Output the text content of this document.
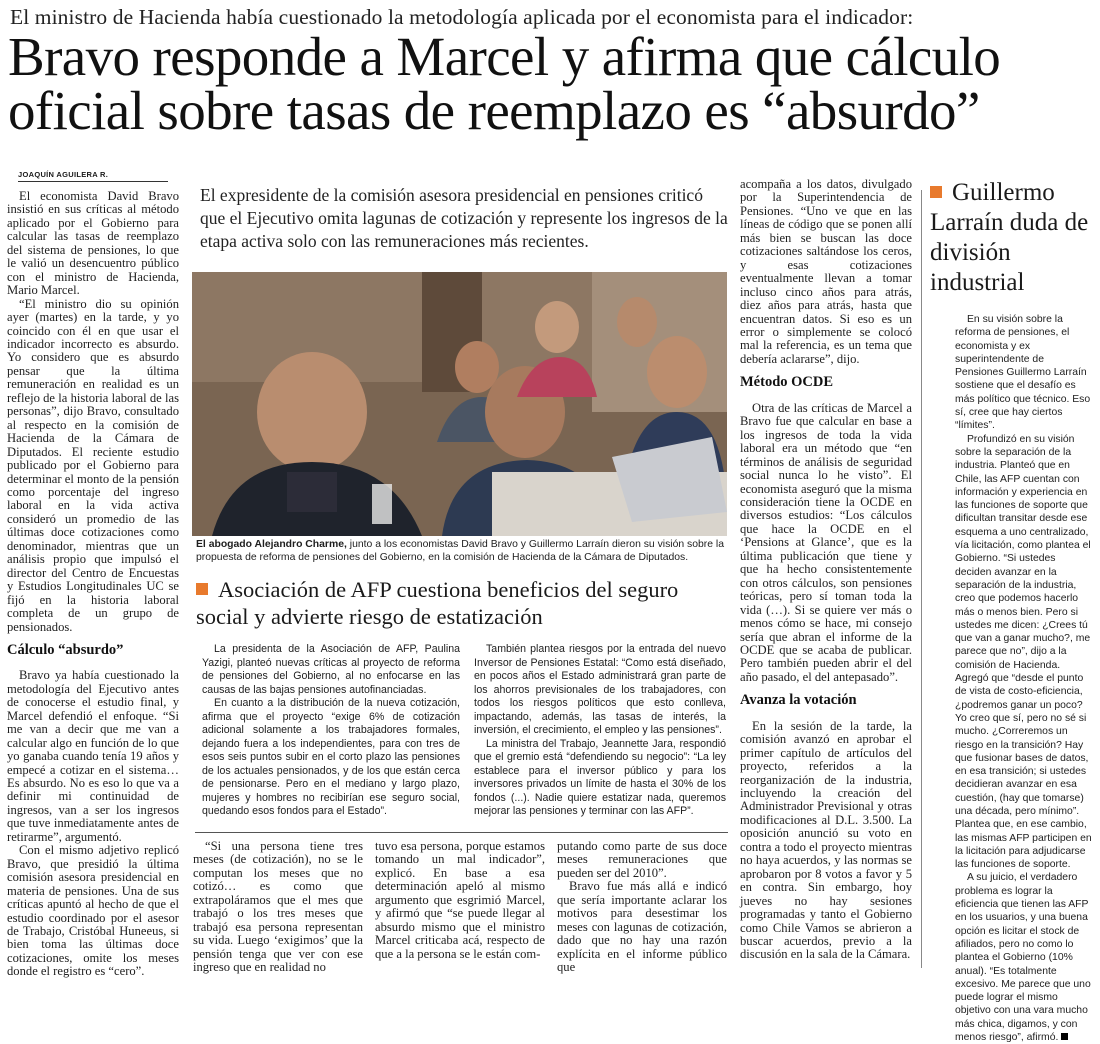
El ministro de Hacienda había cuestionado la metodología aplicada por el economista para el indicador:
Bravo responde a Marcel y afirma que cálculo oficial sobre tasas de reemplazo es “absurdo”
JOAQUÍN AGUILERA R.

El economista David Bravo insistió en sus críticas al método aplicado por el Gobierno para calcular las tasas de reemplazo del sistema de pensiones, lo que le valió un desencuentro público con el ministro de Hacienda, Mario Marcel.

“El ministro dio su opinión ayer (martes) en la tarde, y yo coincido con él en que usar el indicador incorrecto es absurdo. Yo considero que es absurdo pensar que la última remuneración en realidad es un reflejo de la historia laboral de las personas”, dijo Bravo, consultado al respecto en la comisión de Hacienda de la Cámara de Diputados. El reciente estudio publicado por el Gobierno para determinar el monto de la pensión como porcentaje del ingreso laboral en la vida activa consideró un promedio de las últimas doce cotizaciones como denominador, mientras que un análisis propio que impulsó el director del Centro de Encuestas y Estudios Longitudinales UC se fijó en la historia laboral completa de un grupo de pensionados.

Cálculo “absurdo”

Bravo ya había cuestionado la metodología del Ejecutivo antes de conocerse el estudio final, y Marcel defendió el enfoque. “Si me van a decir que me van a calcular algo en función de lo que yo ganaba cuando tenía 19 años y empecé a cotizar en el sistema… Es absurdo. No es eso lo que va a definir mi continuidad de ingresos, van a ser los ingresos que tuve inmediatamente antes de retirarme”, argumentó.

Con el mismo adjetivo replicó Bravo, que presidió la última comisión asesora presidencial en materia de pensiones. Una de sus críticas apuntó al hecho de que el estudio coordinado por el asesor de Trabajo, Cristóbal Huneeus, si bien toma las últimas doce cotizaciones, omite los meses donde el registro es “cero”.

El expresidente de la comisión asesora presidencial en pensiones criticó que el Ejecutivo omita lagunas de cotización y represente los ingresos de la etapa activa solo con las remuneraciones más recientes.
El abogado Alejandro Charme, junto a los economistas David Bravo y Guillermo Larraín dieron su visión sobre la propuesta de reforma de pensiones del Gobierno, en la comisión de Hacienda de la Cámara de Diputados.
Asociación de AFP cuestiona beneficios del seguro social y advierte riesgo de estatización

La presidenta de la Asociación de AFP, Paulina Yazigi, planteó nuevas críticas al proyecto de reforma de pensiones del Gobierno, al no enfocarse en las causas de las bajas pensiones autofinanciadas.

En cuanto a la distribución de la nueva cotización, afirma que el proyecto “exige 6% de cotización adicional solamente a los trabajadores formales, dejando fuera a los independientes, para con tres de esos seis puntos subir en el corto plazo las pensiones de los actuales pensionados, y de los que están cerca de pensionarse. Pero en el mediano y largo plazo, mujeres y hombres no recibirían ese seguro social, quedando esos fondos para el Estado”.

También plantea riesgos por la entrada del nuevo Inversor de Pensiones Estatal: “Como está diseñado, en pocos años el Estado administrará gran parte de los ahorros previsionales de los trabajadores, con todos los riesgos políticos que esto conlleva, impactando, además, las tasas de interés, la inversión, el crecimiento, el empleo y las pensiones”.

La ministra del Trabajo, Jeannette Jara, respondió que el gremio está “defendiendo su negocio”: “La ley establece para el inversor público y para los inversores privados un límite de hasta el 30% de los fondos (...). Nadie quiere estatizar nada, queremos mejorar las pensiones y terminar con las AFP”.

“Si una persona tiene tres meses (de cotización), no se le computan los meses que no cotizó… es como que extrapoláramos que el mes que trabajó o los tres meses que trabajó esa persona representan su vida. Luego ‘exigimos’ que la pensión tenga que ver con ese ingreso que en realidad no

tuvo esa persona, porque estamos tomando un mal indicador”, explicó. En base a esa determinación apeló al mismo argumento que esgrimió Marcel, y afirmó que “se puede llegar al absurdo mismo que el ministro Marcel criticaba acá, respecto de que a la persona se le están com-

putando como parte de sus doce meses remuneraciones que pueden ser del 2010”.

Bravo fue más allá e indicó que sería importante aclarar los motivos para desestimar los meses con lagunas de cotización, dado que no hay una razón explícita en el informe público que

acompaña a los datos, divulgado por la Superintendencia de Pensiones. “Uno ve que en las líneas de código que se ponen allí más bien se buscan las doce cotizaciones saltándose los ceros, y esas cotizaciones eventualmente llevan a tomar incluso cinco años para atrás, diez años para atrás, hasta que encuentran datos. Si eso es un error o simplemente se colocó mal la referencia, es un tema que debería aclararse”, dijo.

Método OCDE

Otra de las críticas de Marcel a Bravo fue que calcular en base a los ingresos de toda la vida laboral era un método que “en términos de análisis de seguridad social nunca lo he visto”. El economista aseguró que la misma consideración tiene la OCDE en diversos estudios: “Los cálculos que hace la OCDE en el ‘Pensions at Glance’, que es la última publicación que tiene y que ha hecho consistentemente con otros cálculos, son pensiones teóricas, pero sí toman toda la vida (…). Si se quiere ver más o menos cómo se hace, mi consejo sería que abran el informe de la OCDE que se acaba de publicar. Pero también pueden abrir el del año pasado, el del antepasado”.

Avanza la votación

En la sesión de la tarde, la comisión avanzó en aprobar el primer capítulo de artículos del proyecto, referidos a la reorganización de la industria, incluyendo la creación del Administrador Previsional y otras modificaciones al D.L. 3.500. La oposición anunció su voto en contra a todo el proyecto mientras no haya acuerdos, y las normas se aprobaron por 8 votos a favor y 5 en contra. Sin embargo, hoy jueves no hay sesiones programadas y tanto el Gobierno como Chile Vamos se abrieron a buscar acuerdos, previo a la discusión en la sala de la Cámara.

Guillermo Larraín duda de división industrial

En su visión sobre la reforma de pensiones, el economista y ex superintendente de Pensiones Guillermo Larraín sostiene que el desafío es más político que técnico. Eso sí, cree que hay ciertos “límites”.

Profundizó en su visión sobre la separación de la industria. Planteó que en Chile, las AFP cuentan con información y experiencia en las funciones de soporte que dificultan transitar desde ese esquema a uno centralizado, vía licitación, como plantea el Gobierno. “Si ustedes deciden avanzar en la separación de la industria, creo que podemos hacerlo más o menos bien. Pero si ustedes me dicen: ¿Crees tú que van a ganar mucho?, me parece que no”, dijo a la comisión de Hacienda. Agregó que “desde el punto de vista de costo-eficiencia, ¿podremos ganar un poco? Yo creo que sí, pero no sé si mucho. ¿Correremos un riesgo en la transición? Hay que fusionar bases de datos, en esa transición; si ustedes decidieran avanzar en esa cuestión, (hay que tomarse) una década, pero mínimo”. Plantea que, en ese cambio, las mismas AFP participen en la licitación para adjudicarse las funciones de soporte.

A su juicio, el verdadero problema es lograr la eficiencia que tienen las AFP en los usuarios, y una buena opción es licitar el stock de afiliados, pero no como lo plantea el Gobierno (10% anual). “Es totalmente excesivo. Me parece que uno puede lograr el mismo objetivo con una vara mucho más chica, digamos, y con menos riesgo”, afirmó.
